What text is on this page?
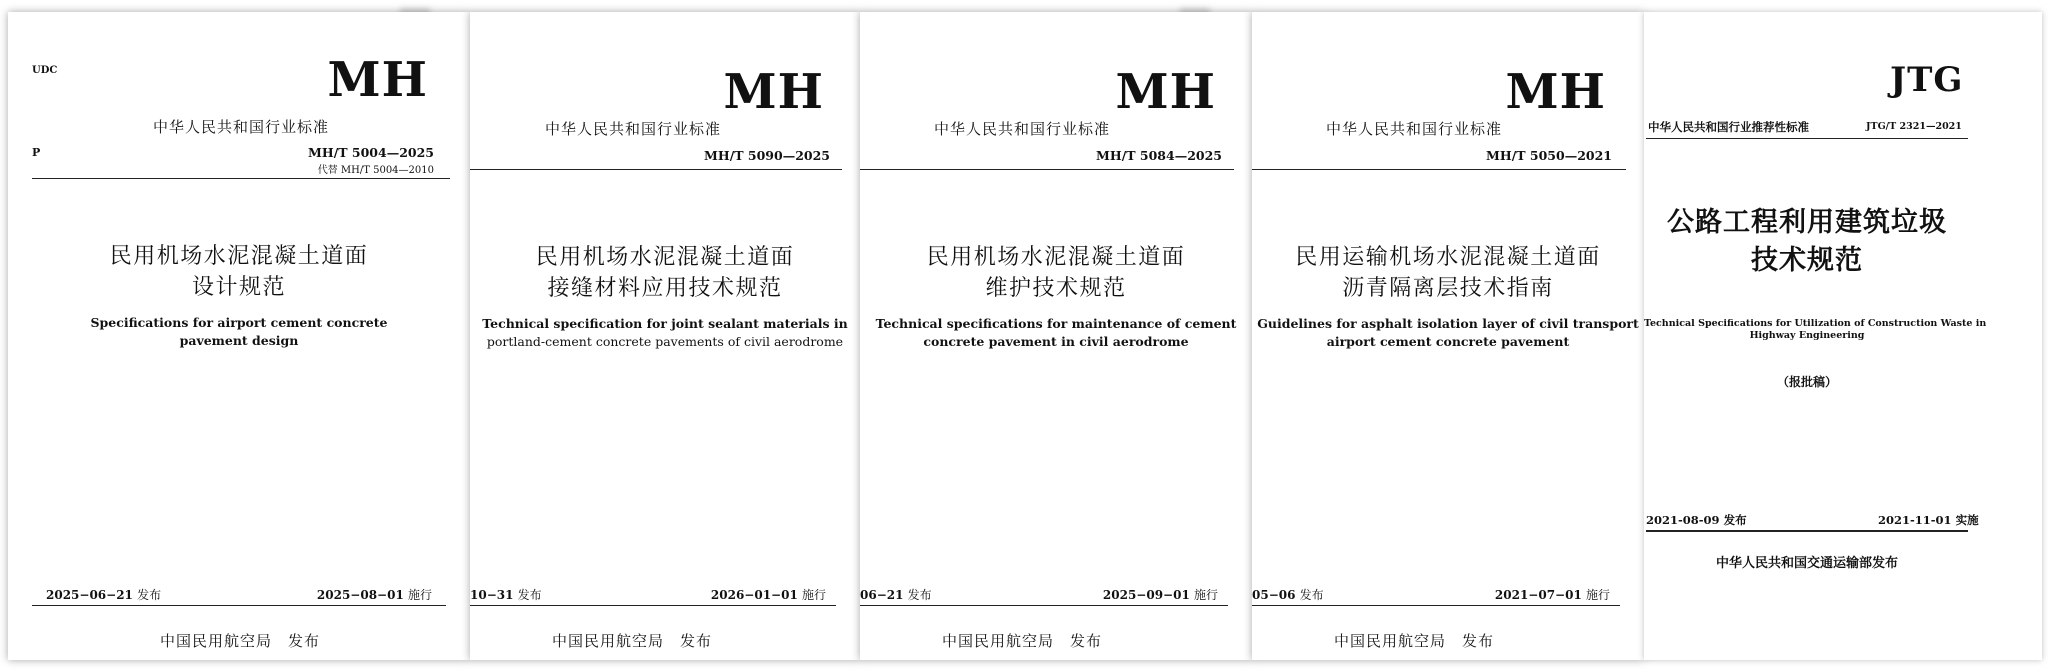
UDC	MH
中华人民共和国行业标准
P	MH/T 5004—2025
代替 MH/T 5004—2010
民用机场水泥混凝土道面
设计规范
Specifications for airport cement concrete
pavement design
2025−06−21 发布	2025−08−01 施行
中国民用航空局　发布
MH
中华人民共和国行业标准
MH/T 5090—2025
民用机场水泥混凝土道面
接缝材料应用技术规范
Technical specification for joint sealant materials in
portland-cement concrete pavements of civil aerodrome
10−31 发布	2026−01−01 施行
中国民用航空局　发布
MH
中华人民共和国行业标准
MH/T 5084—2025
民用机场水泥混凝土道面
维护技术规范
Technical specifications for maintenance of cement
concrete pavement in civil aerodrome
06−21 发布	2025−09−01 施行
中国民用航空局　发布
MH
中华人民共和国行业标准
MH/T 5050—2021
民用运输机场水泥混凝土道面
沥青隔离层技术指南
Guidelines for asphalt isolation layer of civil transport
airport cement concrete pavement
05−06 发布	2021−07−01 施行
中国民用航空局　发布
JTG
中华人民共和国行业推荐性标准	JTG/T 2321—2021
公路工程利用建筑垃圾
技术规范
Technical Specifications for Utilization of Construction Waste in
Highway Engineering
（报批稿）
2021-08-09 发布	2021-11-01 实施
中华人民共和国交通运输部发布
